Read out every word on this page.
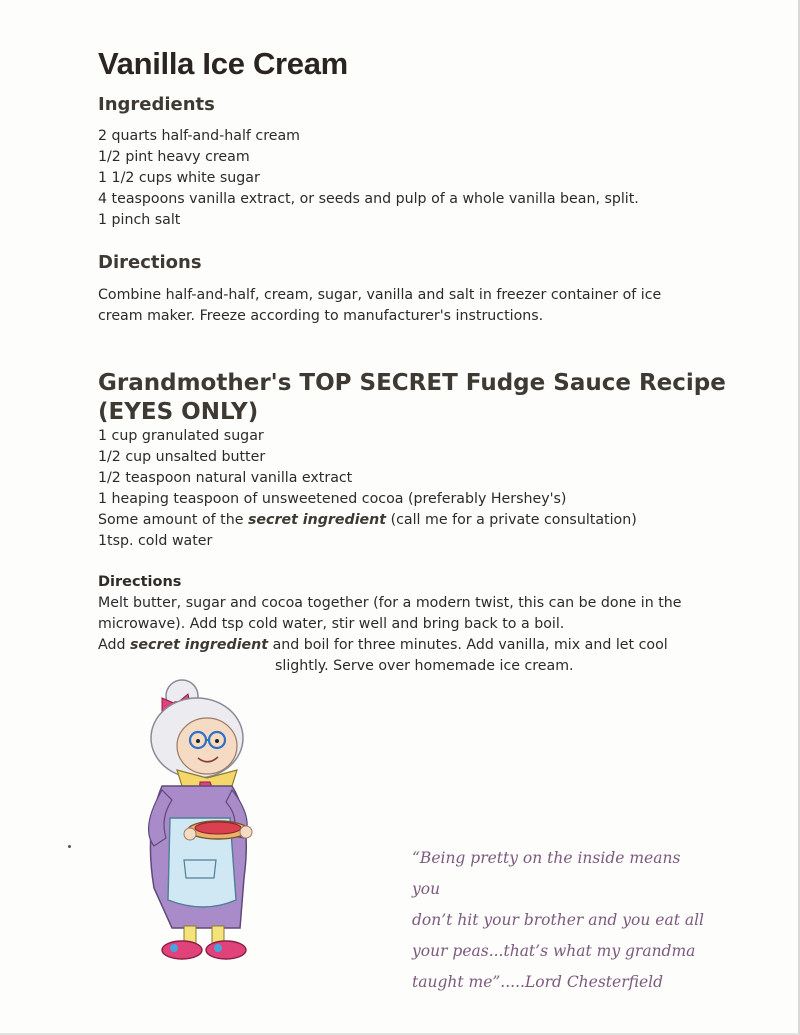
Vanilla Ice Cream
Ingredients
2 quarts half-and-half cream
1/2 pint heavy cream
1 1/2 cups white sugar
4 teaspoons vanilla extract, or seeds and pulp of a whole vanilla bean, split.
1 pinch salt
Directions

Combine half-and-half, cream, sugar, vanilla and salt in freezer container of ice cream maker. Freeze according to manufacturer's instructions.

Grandmother's TOP SECRET Fudge Sauce Recipe (EYES ONLY)
1 cup granulated sugar
1/2 cup unsalted butter
1/2 teaspoon natural vanilla extract
1 heaping teaspoon of unsweetened cocoa (preferably Hershey's)
Some amount of the secret ingredient (call me for a private consultation)
1tsp. cold water
Directions

Melt butter, sugar and cocoa together (for a modern twist, this can be done in the microwave). Add tsp cold water, stir well and bring back to a boil.
Add secret ingredient and boil for three minutes. Add vanilla, mix and let cool
slightly. Serve over homemade ice cream.

“Being pretty on the inside means you
don’t hit your brother and you eat all
your peas...that’s what my grandma
taught me”.....Lord Chesterfield
